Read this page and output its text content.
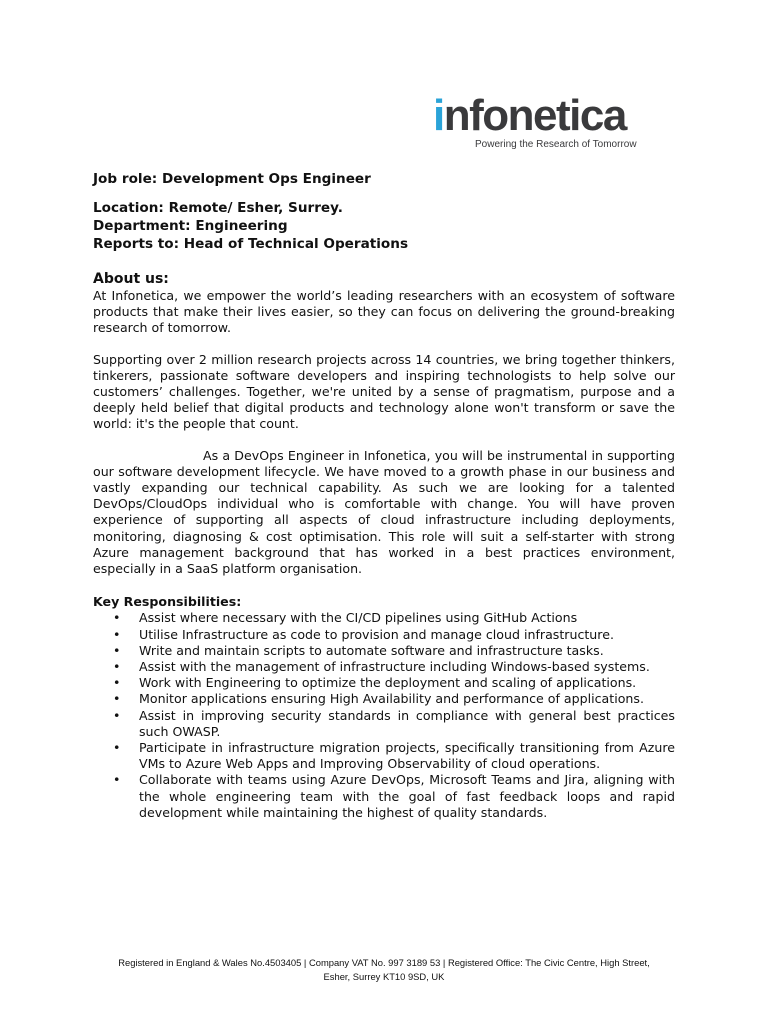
infonetica
Powering the Research of Tomorrow
Job role: Development Ops Engineer
Location: Remote/ Esher, Surrey.
Department: Engineering
Reports to: Head of Technical Operations
About us:

At Infonetica, we empower the world’s leading researchers with an ecosystem of software products that make their lives easier, so they can focus on delivering the ground-breaking research of tomorrow.

Supporting over 2 million research projects across 14 countries, we bring together thinkers, tinkerers, passionate software developers and inspiring technologists to help solve our customers’ challenges. Together, we're united by a sense of pragmatism, purpose and a deeply held belief that digital products and technology alone won't transform or save the world: it's the people that count.

As a DevOps Engineer in Infonetica, you will be instrumental in supporting our software development lifecycle. We have moved to a growth phase in our business and vastly expanding our technical capability. As such we are looking for a talented DevOps/CloudOps individual who is comfortable with change. You will have proven experience of supporting all aspects of cloud infrastructure including deployments, monitoring, diagnosing & cost optimisation. This role will suit a self-starter with strong Azure management background that has worked in a best practices environment, especially in a SaaS platform organisation.

Key Responsibilities:
• Assist where necessary with the CI/CD pipelines using GitHub Actions
• Utilise Infrastructure as code to provision and manage cloud infrastructure.
• Write and maintain scripts to automate software and infrastructure tasks.
• Assist with the management of infrastructure including Windows-based systems.
• Work with Engineering to optimize the deployment and scaling of applications.
• Monitor applications ensuring High Availability and performance of applications.
• Assist in improving security standards in compliance with general best practices such OWASP.
• Participate in infrastructure migration projects, specifically transitioning from Azure VMs to Azure Web Apps and Improving Observability of cloud operations.
• Collaborate with teams using Azure DevOps, Microsoft Teams and Jira, aligning with the whole engineering team with the goal of fast feedback loops and rapid development while maintaining the highest of quality standards.
Registered in England & Wales No.4503405 | Company VAT No. 997 3189 53 | Registered Office: The Civic Centre, High Street,
Esher, Surrey KT10 9SD, UK
